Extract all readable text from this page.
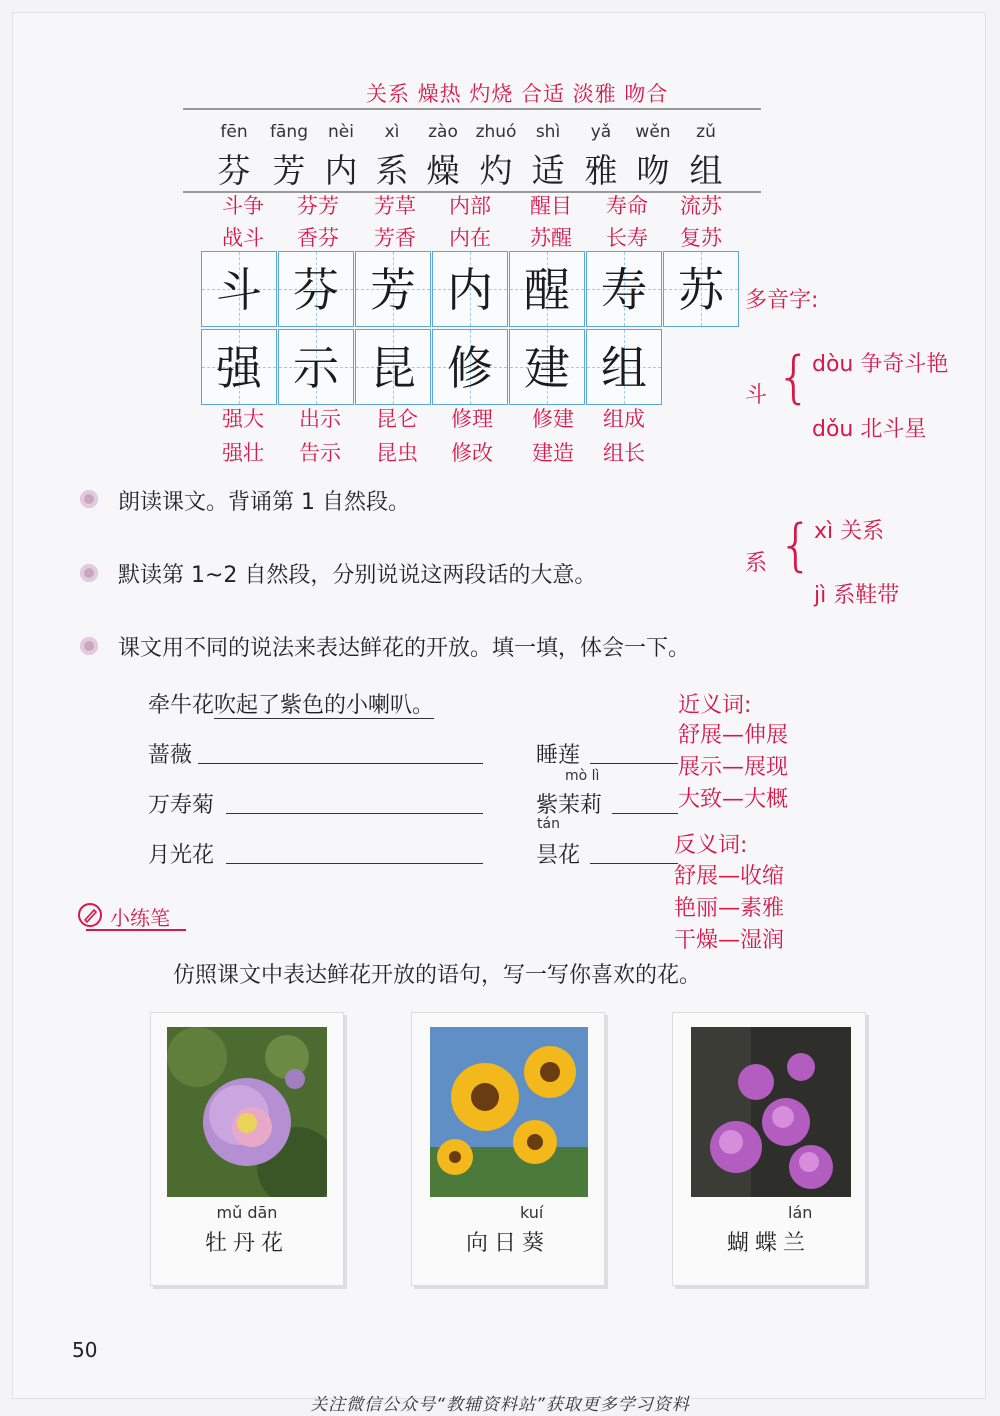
关系 燥热 灼烧 合适 淡雅 吻合
fēn	fāng	nèi	xì	zào	zhuó	shì	yǎ	wěn	zǔ
芬 芳 内 系 燥 灼 适 雅 吻 组
斗争	芬芳	芳草	内部	醒目	寿命	流苏
战斗	香芬	芳香	内在	苏醒	长寿	复苏
斗 芬 芳 内 醒 寿 苏
强 示 昆 修 建 组
强大	出示	昆仑	修理	修建	组成
强壮	告示	昆虫	修改	建造	组长
多音字:
斗 { dòu 争奇斗艳
dǒu 北斗星
系 { xì 关系
jì 系鞋带
朗读课文。背诵第 1 自然段。
默读第 1~2 自然段，分别说说这两段话的大意。
课文用不同的说法来表达鲜花的开放。填一填，体会一下。
牵牛花吹起了紫色的小喇叭。
蔷薇
万寿菊
月光花
睡莲
mò lì
紫茉莉
tán
昙花
近义词:
舒展—伸展
展示—展现
大致—大概
反义词:
舒展—收缩
艳丽—素雅
干燥—湿润
小练笔
仿照课文中表达鲜花开放的语句，写一写你喜欢的花。
mǔ dān
牡丹花
kuí
向日葵
lán
蝴蝶兰
50
关注微信公众号“教辅资料站”获取更多学习资料
